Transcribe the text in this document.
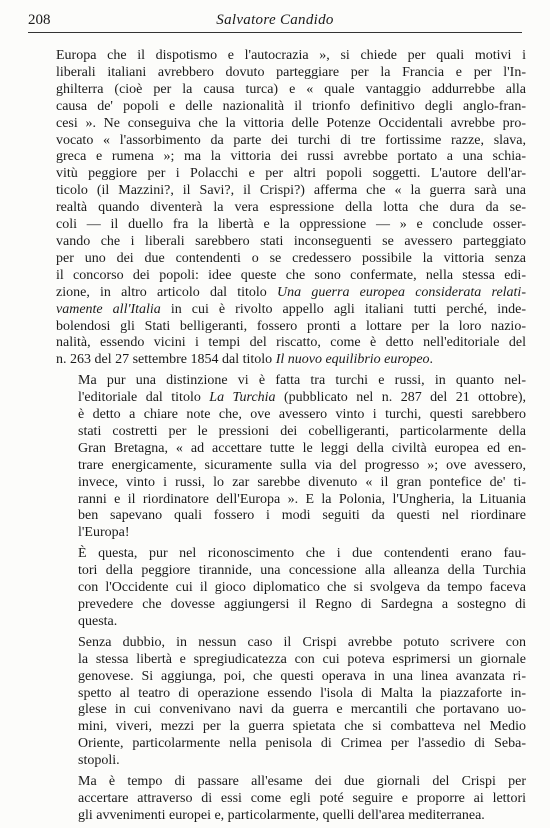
208	Salvatore Candido

Europa che il dispotismo e l'autocrazia », si chiede per quali motivi i
liberali italiani avrebbero dovuto parteggiare per la Francia e per l'In-
ghilterra (cioè per la causa turca) e « quale vantaggio addurrebbe alla
causa de' popoli e delle nazionalità il trionfo definitivo degli anglo-fran-
cesi ». Ne conseguiva che la vittoria delle Potenze Occidentali avrebbe pro-
vocato « l'assorbimento da parte dei turchi di tre fortissime razze, slava,
greca e rumena »; ma la vittoria dei russi avrebbe portato a una schia-
vitù peggiore per i Polacchi e per altri popoli soggetti. L'autore dell'ar-
ticolo (il Mazzini?, il Savi?, il Crispi?) afferma che « la guerra sarà una
realtà quando diventerà la vera espressione della lotta che dura da se-
coli — il duello fra la libertà e la oppressione — » e conclude osser-
vando che i liberali sarebbero stati inconseguenti se avessero parteggiato
per uno dei due contendenti o se credessero possibile la vittoria senza
il concorso dei popoli: idee queste che sono confermate, nella stessa edi-
zione, in altro articolo dal titolo Una guerra europea considerata relati-
vamente all'Italia in cui è rivolto appello agli italiani tutti perché, inde-
bolendosi gli Stati belligeranti, fossero pronti a lottare per la loro nazio-
nalità, essendo vicini i tempi del riscatto, come è detto nell'editoriale del
n. 263 del 27 settembre 1854 dal titolo Il nuovo equilibrio europeo.

Ma pur una distinzione vi è fatta tra turchi e russi, in quanto nel-
l'editoriale dal titolo La Turchia (pubblicato nel n. 287 del 21 ottobre),
è detto a chiare note che, ove avessero vinto i turchi, questi sarebbero
stati costretti per le pressioni dei cobelligeranti, particolarmente della
Gran Bretagna, « ad accettare tutte le leggi della civiltà europea ed en-
trare energicamente, sicuramente sulla via del progresso »; ove avessero,
invece, vinto i russi, lo zar sarebbe divenuto « il gran pontefice de' ti-
ranni e il riordinatore dell'Europa ». E la Polonia, l'Ungheria, la Lituania
ben sapevano quali fossero i modi seguiti da questi nel riordinare
l'Europa!

È questa, pur nel riconoscimento che i due contendenti erano fau-
tori della peggiore tirannide, una concessione alla alleanza della Turchia
con l'Occidente cui il gioco diplomatico che si svolgeva da tempo faceva
prevedere che dovesse aggiungersi il Regno di Sardegna a sostegno di
questa.

Senza dubbio, in nessun caso il Crispi avrebbe potuto scrivere con
la stessa libertà e spregiudicatezza con cui poteva esprimersi un giornale
genovese. Si aggiunga, poi, che questi operava in una linea avanzata ri-
spetto al teatro di operazione essendo l'isola di Malta la piazzaforte in-
glese in cui convenivano navi da guerra e mercantili che portavano uo-
mini, viveri, mezzi per la guerra spietata che si combatteva nel Medio
Oriente, particolarmente nella penisola di Crimea per l'assedio di Seba-
stopoli.

Ma è tempo di passare all'esame dei due giornali del Crispi per
accertare attraverso di essi come egli poté seguire e proporre ai lettori
gli avvenimenti europei e, particolarmente, quelli dell'area mediterranea.
